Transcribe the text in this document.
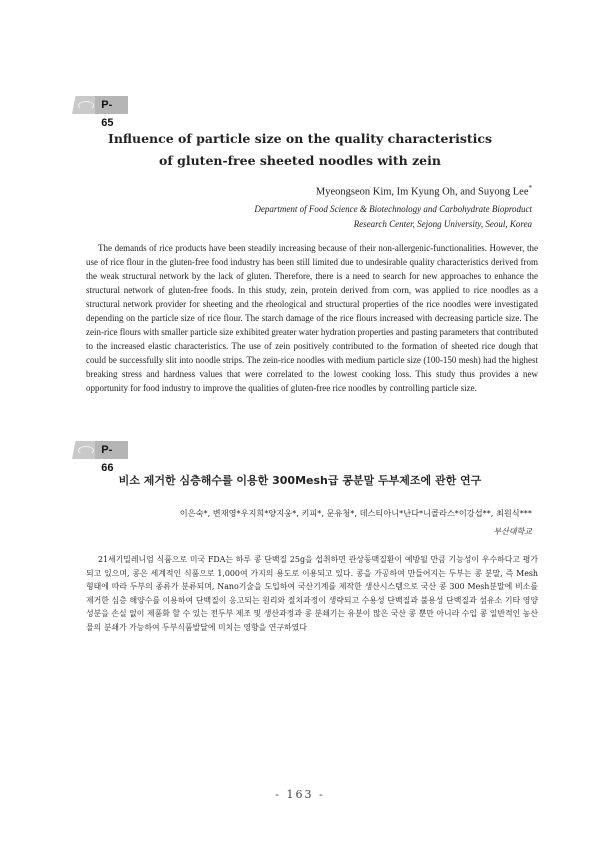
P-65
Influence of particle size on the quality characteristics
of gluten-free sheeted noodles with zein
Myeongseon Kim, Im Kyung Oh, and Suyong Lee*
Department of Food Science & Biotechnology and Carbohydrate Bioproduct
Research Center, Sejong University, Seoul, Korea
The demands of rice products have been steadily increasing because of their non-allergenic-functionalities. However, the use of rice flour in the gluten-free food industry has been still limited due to undesirable quality characteristics derived from the weak structural network by the lack of gluten. Therefore, there is a need to search for new approaches to enhance the structural network of gluten-free foods. In this study, zein, protein derived from corn, was applied to rice noodles as a structural network provider for sheeting and the rheological and structural properties of the rice noodles were investigated depending on the particle size of rice flour. The starch damage of the rice flours increased with decreasing particle size. The zein-rice flours with smaller particle size exhibited greater water hydration properties and pasting parameters that contributed to the increased elastic characteristics. The use of zein positively contributed to the formation of sheeted rice dough that could be successfully slit into noodle strips. The zein-rice noodles with medium particle size (100-150 mesh) had the highest breaking stress and hardness values that were correlated to the lowest cooking loss. This study thus provides a new opportunity for food industry to improve the qualities of gluten-free rice noodles by controlling particle size.
P-66
비소 제거한 심층해수를 이용한 300Mesh급 콩분말 두부제조에 관한 연구
이은숙*, 변재영*우지희*양지웅*, 키피*, 문유청*, 데스티아니*난다*니콜라스*이강섭**, 최원식***
부산대학교
21세기밀레니엄 식품으로 미국 FDA는 하루 콩 단백질 25g을 섭취하면 관상동맥질환이 예방될 만큼 기능성이 우수하다고 평가되고 있으며, 콩은 세계적인 식품으로 1,000여 가지의 용도로 이용되고 있다. 콩을 가공하여 만들어지는 두부는 콩 분말, 즉 Mesh 형태에 따라 두부의 종류가 분류되며, Nano기술을 도입하여 국산기계를 제작한 생산시스템으로 국산 콩 300 Mesh분말에 비소를 제거한 심층 해양수를 이용하여 단백질이 응고되는 원리와 절치과정이 생략되고 수용성 단백질과 불용성 단백질과 섬유소 기타 영양성분을 손실 없이 제품화 할 수 있는 전두부 제조 및 생산과정과 콩 분쇄기는 유분이 많은 국산 콩 뿐만 아니라 수입 콩 일반적인 농산물의 분쇄가 가능하여 두부식품발달에 미치는 영향을 연구하였다
- 163 -
